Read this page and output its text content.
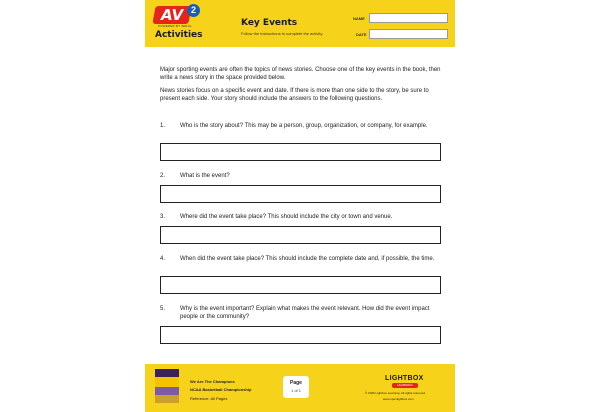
AV 2
POWERED BY WEIGL
Activities
Key Events
Follow the instructions to complete the activity.
NAME
DATE
Major sporting events are often the topics of news stories. Choose one of the key events in the book, then write a news story in the space provided below.
News stories focus on a specific event and date. If there is more than one side to the story, be sure to present each side. Your story should include the answers to the following questions.
1.	Who is the story about? This may be a person, group, organization, or company, for example.
2.	What is the event?
3.	Where did the event take place? This should include the city or town and venue.
4.	When did the event take place? This should include the complete date and, if possible, the time.
5.	Why is the event important? Explain what makes the event relevant. How did the event impact people or the community?
We Are The Champions
NCAA Basketball Championship
Reference: All Pages
Page
1 of 1
LIGHTBOX
LEARNING
© 2026 Lightbox Learning. All rights reserved.
www.openlightbox.com
